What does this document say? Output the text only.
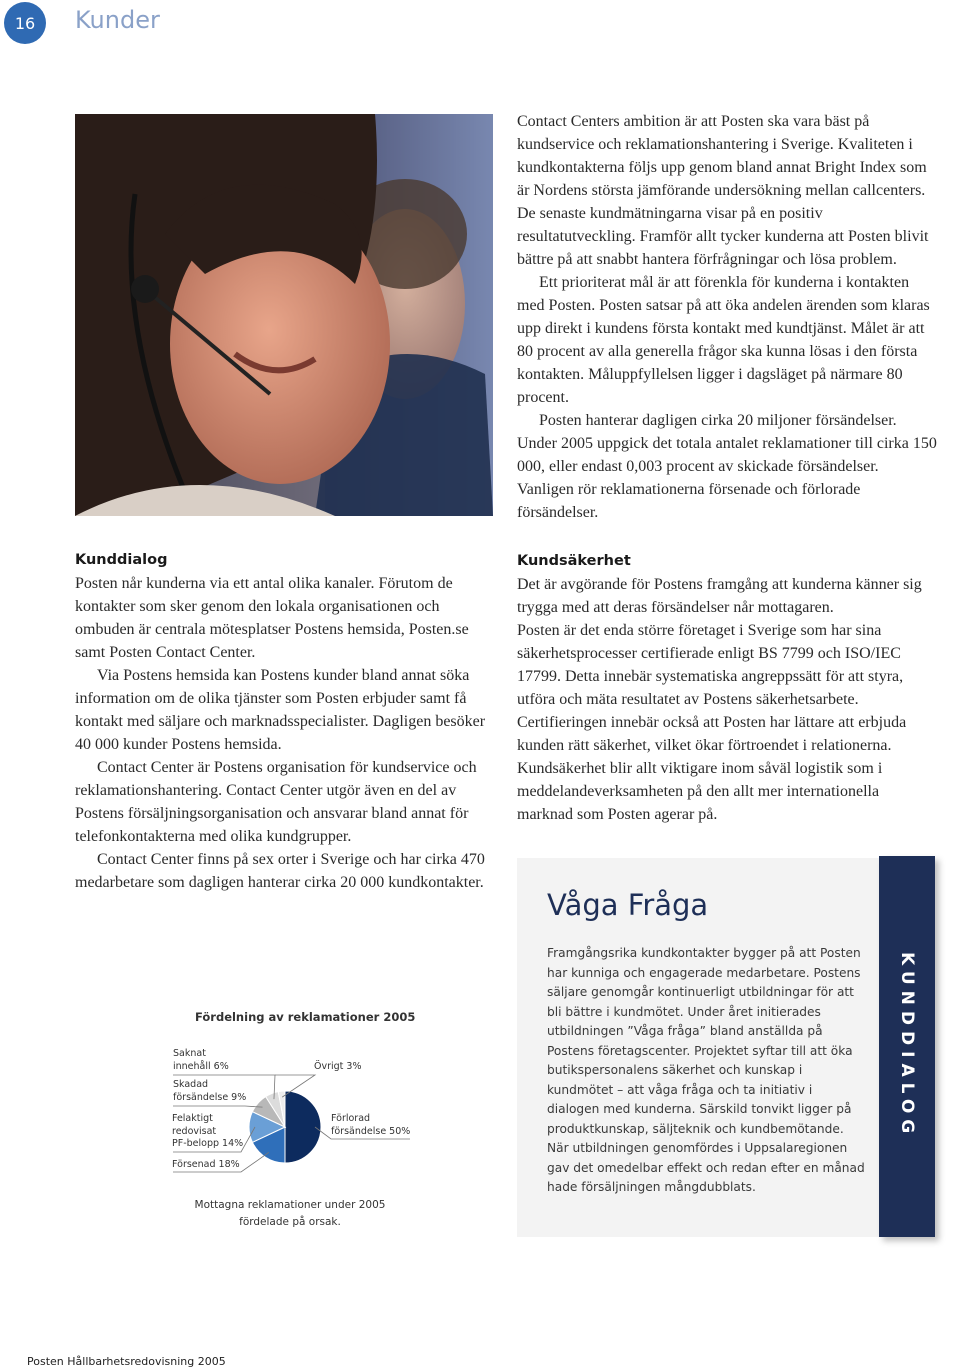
16 Kunder

Contact Centers ambition är att Posten ska vara bäst på kundservice och reklamationshantering i Sverige. Kvaliteten i kundkontakterna följs upp genom bland annat Bright Index som är Nordens största jämförande undersökning mellan callcenters. De senaste kundmätningarna visar på en positiv resultatutveckling. Framför allt tycker kunderna att Posten blivit bättre på att snabbt hantera förfrågningar och lösa problem.

Ett prioriterat mål är att förenkla för kunderna i kontakten med Posten. Posten satsar på att öka andelen ärenden som klaras upp direkt i kundens första kontakt med kundtjänst. Målet är att 80 procent av alla generella frågor ska kunna lösas i den första kontakten. Måluppfyllelsen ligger i dagsläget på närmare 80 procent.

Posten hanterar dagligen cirka 20 miljoner försändelser. Under 2005 uppgick det totala antalet reklamationer till cirka 150 000, eller endast 0,003 procent av skickade försändelser. Vanligen rör reklamationerna försenade och förlorade försändelser.

Kunddialog

Posten når kunderna via ett antal olika kanaler. Förutom de kontakter som sker genom den lokala organisationen och ombuden är centrala mötesplatser Postens hemsida, Posten.se samt Posten Contact Center.

Via Postens hemsida kan Postens kunder bland annat söka information om de olika tjänster som Posten erbjuder samt få kontakt med säljare och marknadsspecialister. Dagligen besöker 40 000 kunder Postens hemsida.

Contact Center är Postens organisation för kundservice och reklamationshantering. Contact Center utgör även en del av Postens försäljningsorganisation och ansvarar bland annat för telefonkontakterna med olika kundgrupper.

Contact Center finns på sex orter i Sverige och har cirka 470 medarbetare som dagligen hanterar cirka 20 000 kundkontakter.

Kundsäkerhet

Det är avgörande för Postens framgång att kunderna känner sig trygga med att deras försändelser når mottagaren.

Posten är det enda större företaget i Sverige som har sina säkerhetsprocesser certifierade enligt BS 7799 och ISO/IEC 17799. Detta innebär systematiska angreppssätt för att styra, utföra och mäta resultatet av Postens säkerhetsarbete. Certifieringen innebär också att Posten har lättare att erbjuda kunden rätt säkerhet, vilket ökar förtroendet i relationerna. Kundsäkerhet blir allt viktigare inom såväl logistik som i meddelandeverksamheten på den allt mer internationella marknad som Posten agerar på.

Fördelning av reklamationer 2005
Saknat
innehåll 6%
Skadad
försändelse 9%
Felaktigt
redovisat
PF-belopp 14%
Försenad 18%
Övrigt 3%
Förlorad
försändelse 50%
Mottagna reklamationer under 2005
fördelade på orsak.
Våga Fråga
Framgångsrika kundkontakter bygger på att Posten har kunniga och engagerade medarbetare. Postens säljare genomgår kontinuerligt utbildningar för att bli bättre i kundmötet. Under året initierades utbildningen ”Våga fråga” bland anställda på Postens företagscenter. Projektet syftar till att öka butikspersonalens säkerhet och kunskap i kundmötet – att våga fråga och ta initiativ i dialogen med kunderna. Särskild tonvikt ligger på produktkunskap, säljteknik och kundbemötande. När utbildningen genomfördes i Uppsalaregionen gav det omedelbar effekt och redan efter en månad hade försäljningen mångdubblats.
KUNDDIALOG
Posten Hållbarhetsredovisning 2005
